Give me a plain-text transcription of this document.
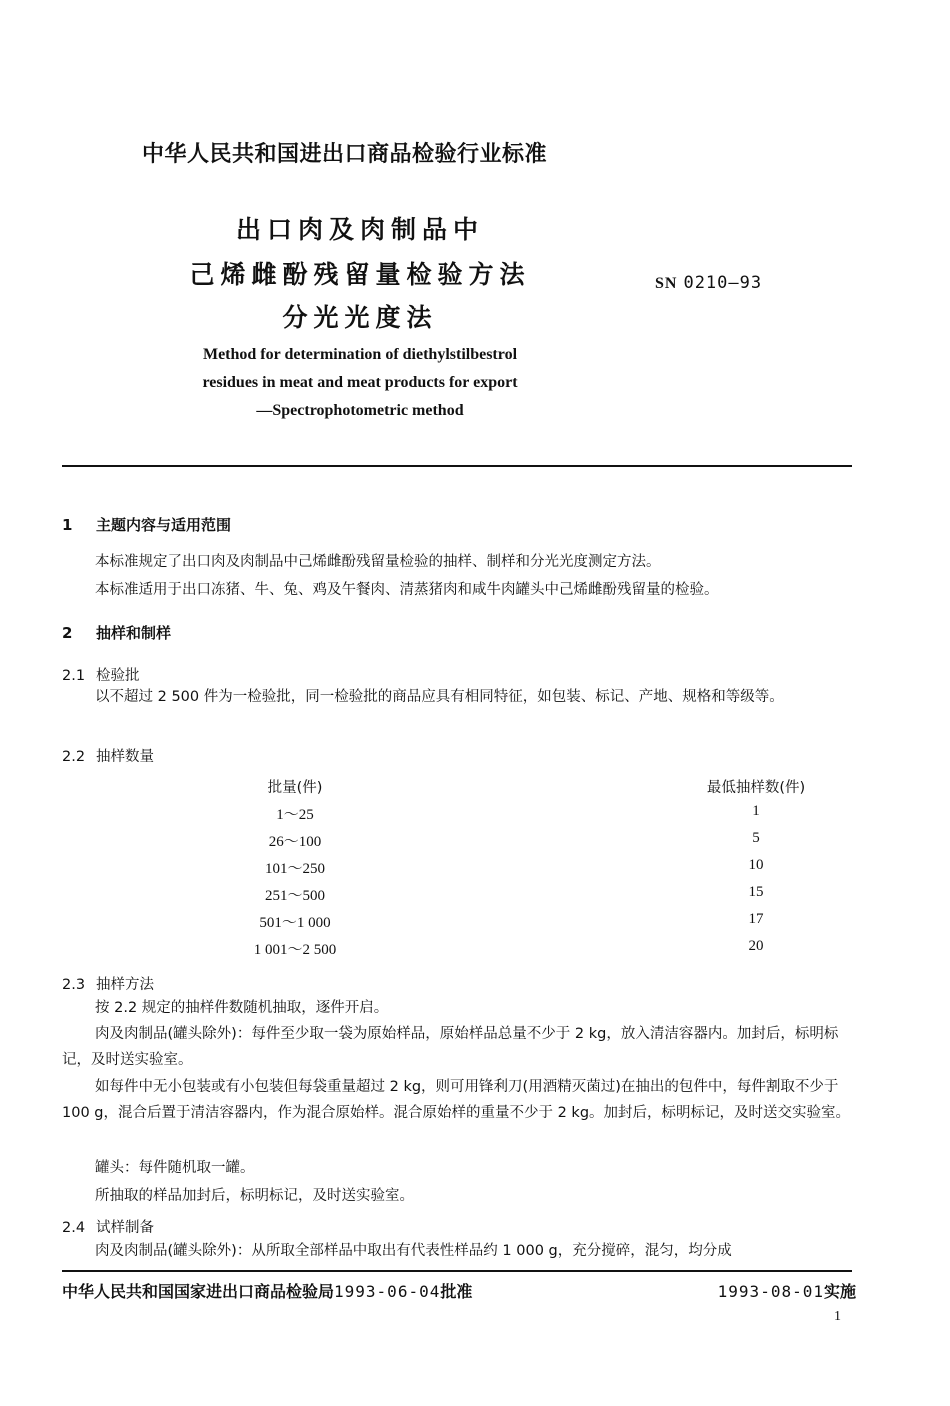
中华人民共和国进出口商品检验行业标准
出口肉及肉制品中
己烯雌酚残留量检验方法
分光光度法
SN 0210—93
Method for determination of diethylstilbestrol
residues in meat and meat products for export
—Spectrophotometric method
1 主题内容与适用范围
本标准规定了出口肉及肉制品中己烯雌酚残留量检验的抽样、制样和分光光度测定方法。
本标准适用于出口冻猪、牛、兔、鸡及午餐肉、清蒸猪肉和咸牛肉罐头中己烯雌酚残留量的检验。
2 抽样和制样
2.1 检验批
以不超过 2 500 件为一检验批，同一检验批的商品应具有相同特征，如包装、标记、产地、规格和等级等。
2.2 抽样数量
批量(件)	最低抽样数(件)
1～25	1
26～100	5
101～250	10
251～500	15
501～1 000	17
1 001～2 500	20
2.3 抽样方法
按 2.2 规定的抽样件数随机抽取，逐件开启。
肉及肉制品(罐头除外)：每件至少取一袋为原始样品，原始样品总量不少于 2 kg，放入清洁容器内。加封后，标明标记，及时送实验室。
如每件中无小包装或有小包装但每袋重量超过 2 kg，则可用锋利刀(用酒精灭菌过)在抽出的包件中，每件割取不少于 100 g，混合后置于清洁容器内，作为混合原始样。混合原始样的重量不少于 2 kg。加封后，标明标记，及时送交实验室。
罐头：每件随机取一罐。
所抽取的样品加封后，标明标记，及时送实验室。
2.4 试样制备
肉及肉制品(罐头除外)：从所取全部样品中取出有代表性样品约 1 000 g，充分搅碎，混匀，均分成
中华人民共和国国家进出口商品检验局1993-06-04批准	1993-08-01实施
1
